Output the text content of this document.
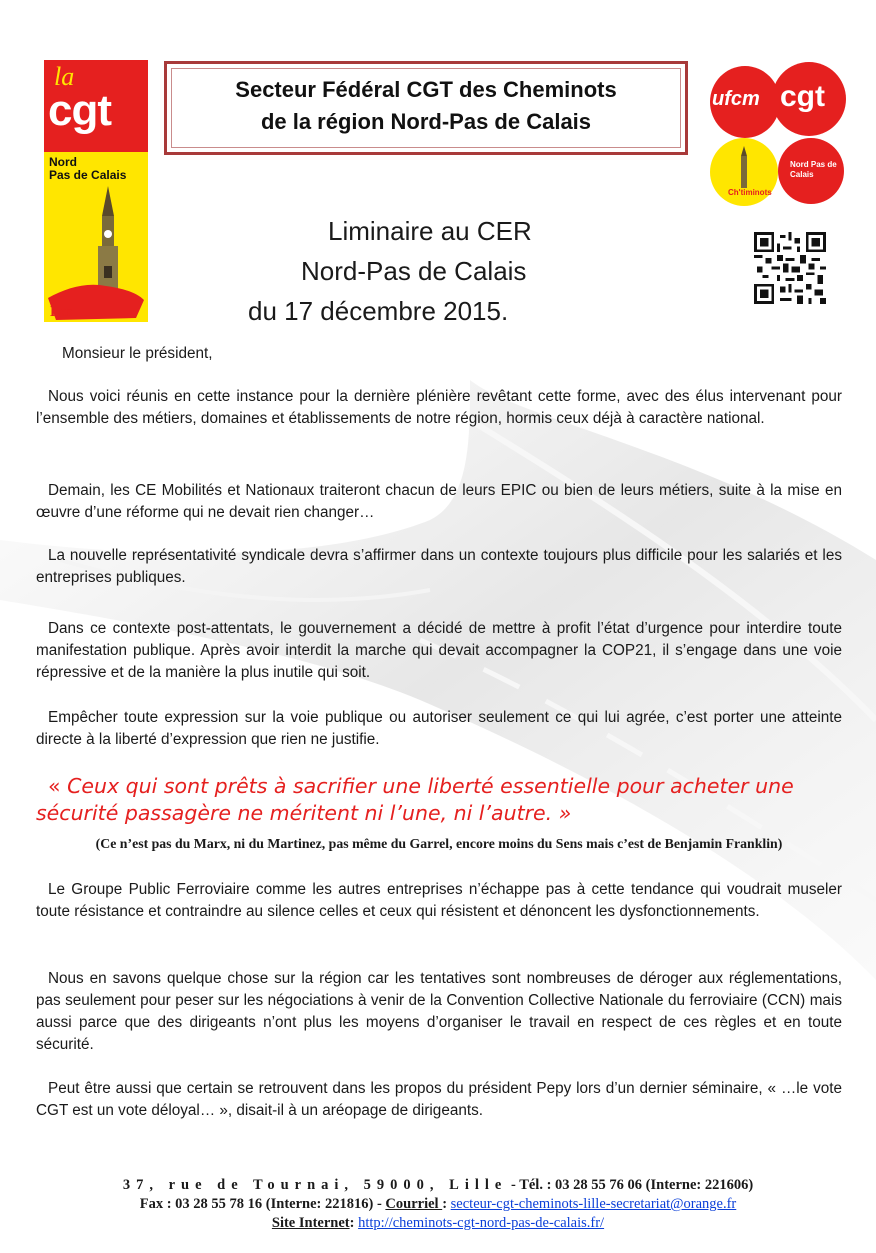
la
cgt
Nord
Pas de Calais
Les
Secteur Fédéral CGT des Cheminots
de la région Nord-Pas de Calais
cgt
ufcm
Ch'timinots
Nord Pas de Calais
Liminaire au CER
Nord-Pas de Calais
du 17 décembre 2015.
Monsieur le président,
Nous voici réunis en cette instance pour la dernière plénière revêtant cette forme, avec des élus intervenant pour l’ensemble des métiers, domaines et établissements de notre région, hormis ceux déjà à caractère national.
Demain, les CE Mobilités et Nationaux traiteront chacun de leurs EPIC ou bien de leurs métiers, suite à la mise en œuvre d’une réforme qui ne devait rien changer…
La nouvelle représentativité syndicale devra s’affirmer dans un contexte toujours plus difficile pour les salariés et les entreprises publiques.
Dans ce contexte post-attentats, le gouvernement a décidé de mettre à profit l’état d’urgence pour interdire toute manifestation publique. Après avoir interdit la marche qui devait accompagner la COP21, il s’engage dans une voie répressive et de la manière la plus inutile qui soit.
Empêcher toute expression sur la voie publique ou autoriser seulement ce qui lui agrée, c’est porter une atteinte directe à la liberté d’expression que rien ne justifie.
« Ceux qui sont prêts à sacrifier une liberté essentielle pour acheter une sécurité passagère ne méritent ni l’une, ni l’autre. »
(Ce n’est pas du Marx, ni du Martinez, pas même du Garrel, encore moins du Sens mais c’est de Benjamin Franklin)
Le Groupe Public Ferroviaire comme les autres entreprises n’échappe pas à cette tendance qui voudrait museler toute résistance et contraindre au silence celles et ceux qui résistent et dénoncent les dysfonctionnements.
Nous en savons quelque chose sur la région car les tentatives sont nombreuses de déroger aux réglementations, pas seulement pour peser sur les négociations à venir de la Convention Collective Nationale du ferroviaire (CCN) mais aussi parce que des dirigeants n’ont plus les moyens d’organiser le travail en respect de ces règles et en toute sécurité.
Peut être aussi que certain se retrouvent dans les propos du président Pepy lors d’un dernier séminaire, « …le vote CGT est un vote déloyal… », disait-il à un aréopage de dirigeants.
37, rue de Tournai, 59000, Lille - Tél. : 03 28 55 76 06 (Interne: 221606)
Fax : 03 28 55 78 16 (Interne: 221816) - Courriel : secteur-cgt-cheminots-lille-secretariat@orange.fr
Site Internet: http://cheminots-cgt-nord-pas-de-calais.fr/
